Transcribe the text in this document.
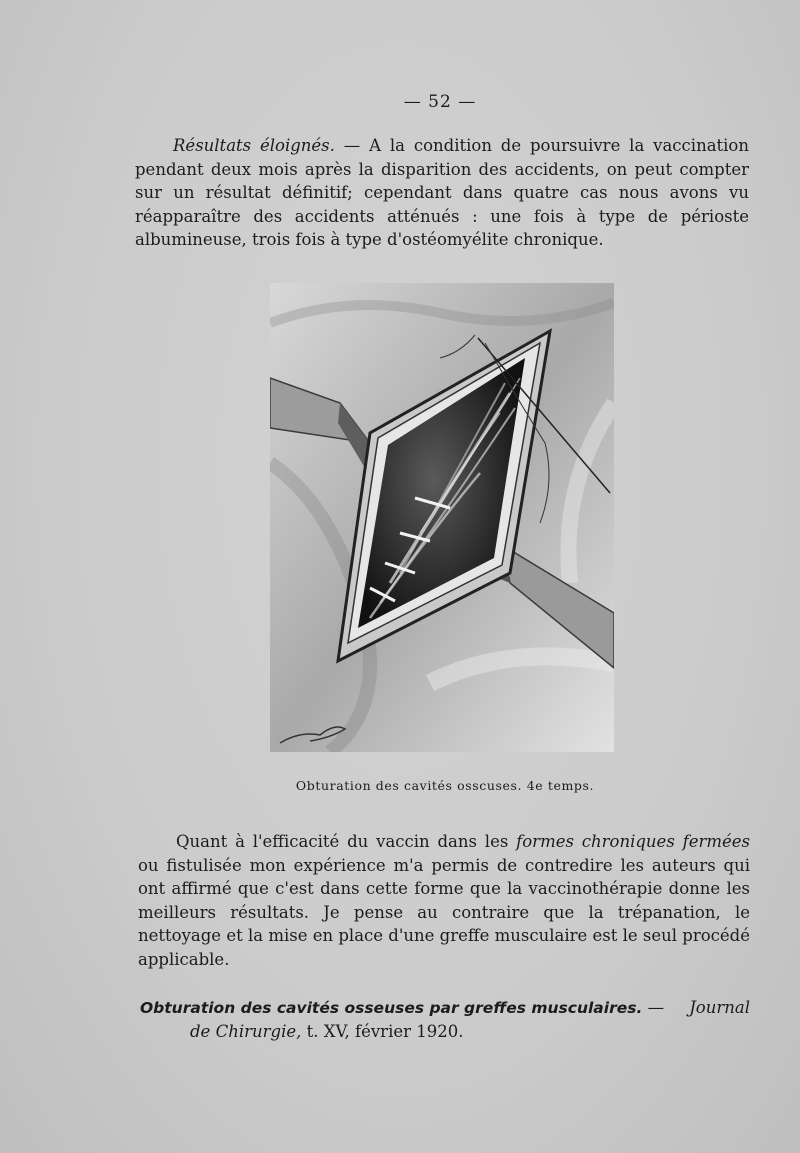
— 52 —

Résultats éloignés. — A la condition de poursuivre la vaccination pendant deux mois après la disparition des accidents, on peut compter sur un résultat définitif; cependant dans quatre cas nous avons vu réapparaître des accidents atténués : une fois à type de périoste albumineuse, trois fois à type d'ostéomyélite chronique.

Obturation des cavités osscuses. 4e temps.

Quant à l'efficacité du vaccin dans les formes chroniques fermées ou fistulisée mon expérience m'a permis de contredire les auteurs qui ont affirmé que c'est dans cette forme que la vaccinothérapie donne les meilleurs résultats. Je pense au contraire que la trépanation, le nettoyage et la mise en place d'une greffe musculaire est le seul procédé applicable.

Obturation des cavités osseuses par greffes musculaires. — Journal
de Chirurgie, t. XV, février 1920.
